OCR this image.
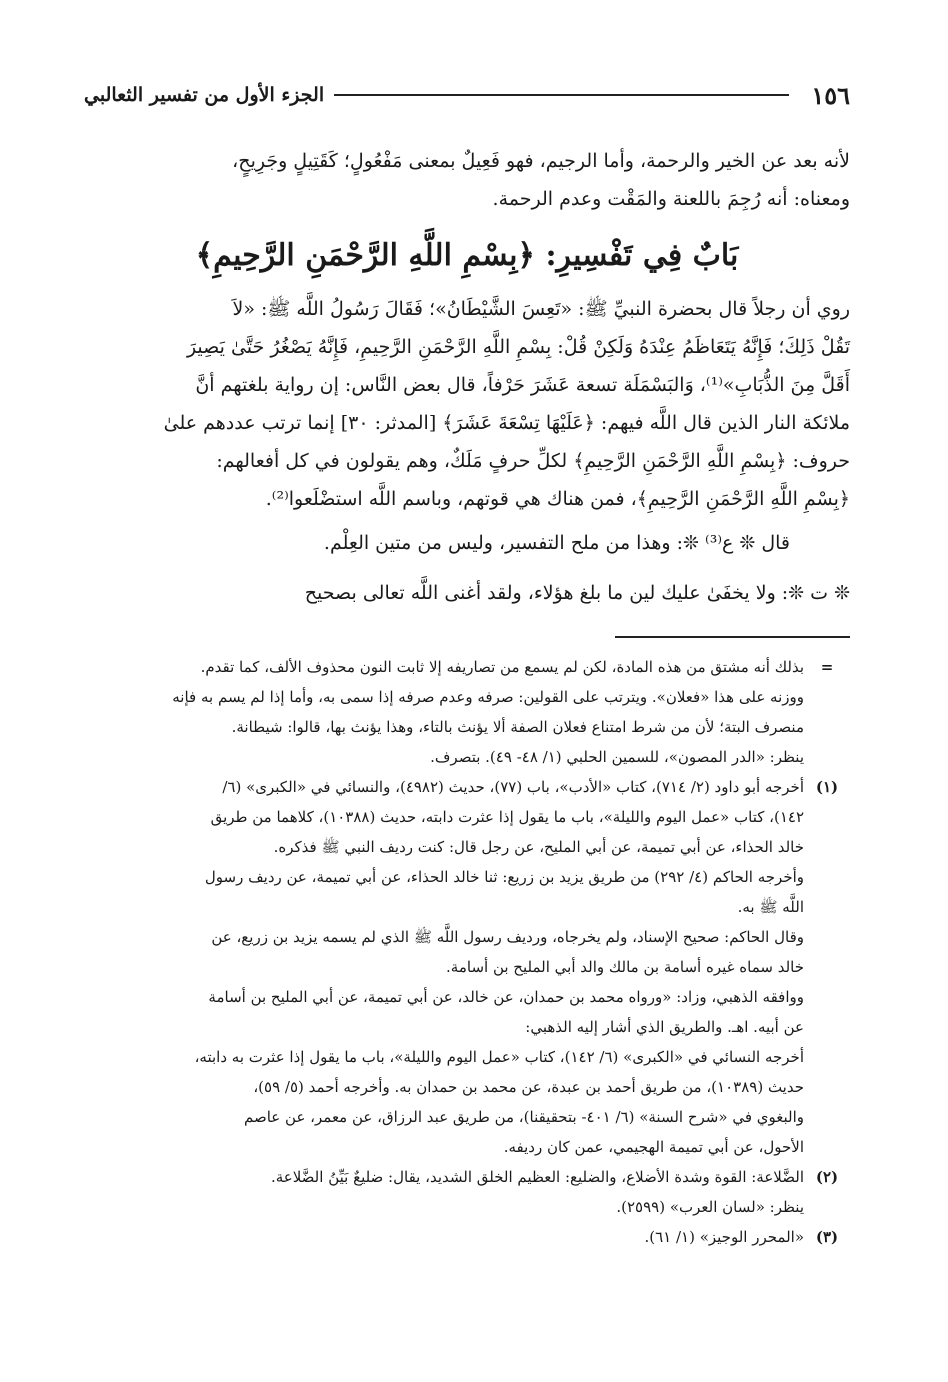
١٥٦
الجزء الأول من تفسير الثعالبي

لأنه بعد عن الخير والرحمة، وأما الرجيم، فهو فَعِيلٌ بمعنى مَفْعُولٍ؛ كَقَتِيلٍ وجَرِيحٍ،

ومعناه: أنه رُجِمَ باللعنة والمَقْت وعدم الرحمة.

بَابٌ فِي تَفْسِيرِ: ﴿بِسْمِ اللَّهِ الرَّحْمَنِ الرَّحِيمِ﴾

روي أن رجلاً قال بحضرة النبيِّ ﷺ: «تَعِسَ الشَّيْطَانُ»؛ فَقَالَ رَسُولُ اللَّه ﷺ: «لاَ

تَقُلْ ذَلِكَ؛ فَإِنَّهُ يَتَعَاظَمُ عِنْدَهُ وَلَكِنْ قُلْ: بِسْمِ اللَّهِ الرَّحْمَنِ الرَّحِيمِ، فَإِنَّهُ يَصْغُرُ حَتَّىٰ يَصِيرَ

أَقَلَّ مِنَ الذُّبَابِ»⁽¹⁾، وَالبَسْمَلَة تسعة عَشَرَ حَرْفاً، قال بعض النَّاس: إن رواية بلغتهم أنَّ

ملائكة النار الذين قال اللَّه فيهم: ﴿عَلَيْهَا تِسْعَةَ عَشَرَ﴾ [المدثر: ٣٠] إنما ترتب عددهم علىٰ

حروف: ﴿بِسْمِ اللَّهِ الرَّحْمَنِ الرَّحِيمِ﴾ لكلِّ حرفٍ مَلَكٌ، وهم يقولون في كل أفعالهم:

﴿بِسْمِ اللَّهِ الرَّحْمَنِ الرَّحِيمِ﴾، فمن هناك هي قوتهم، وباسم اللَّه استضْلَعوا⁽²⁾.

قال ❊ ع⁽³⁾ ❊: وهذا من ملح التفسير، وليس من متين العِلْم.

❊ ت ❊: ولا يخفَىٰ عليك لين ما بلغ هؤلاء، ولقد أغنى اللَّه تعالى بصحيح

=

بذلك أنه مشتق من هذه المادة، لكن لم يسمع من تصاريفه إلا ثابت النون محذوف الألف، كما تقدم.

ووزنه على هذا «فعلان». ويترتب على القولين: صرفه وعدم صرفه إذا سمى به، وأما إذا لم يسم به فإنه

منصرف البتة؛ لأن من شرط امتناع فعلان الصفة ألا يؤنث بالتاء، وهذا يؤنث بها، قالوا: شيطانة.

ينظر: «الدر المصون»، للسمين الحلبي (١/ ٤٨- ٤٩). بتصرف.

(١)

أخرجه أبو داود (٢/ ٧١٤)، كتاب «الأدب»، باب (٧٧)، حديث (٤٩٨٢)، والنسائي في «الكبرى» (٦/

١٤٢)، كتاب «عمل اليوم والليلة»، باب ما يقول إذا عثرت دابته، حديث (١٠٣٨٨)، كلاهما من طريق

خالد الحذاء، عن أبي تميمة، عن أبي المليح، عن رجل قال: كنت رديف النبي ﷺ فذكره.

وأخرجه الحاكم (٤/ ٢٩٢) من طريق يزيد بن زريع: ثنا خالد الحذاء، عن أبي تميمة، عن رديف رسول

اللَّه ﷺ به.

وقال الحاكم: صحيح الإسناد، ولم يخرجاه، ورديف رسول اللَّه ﷺ الذي لم يسمه يزيد بن زريع، عن

خالد سماه غيره أسامة بن مالك والد أبي المليح بن أسامة.

ووافقه الذهبي، وزاد: «ورواه محمد بن حمدان، عن خالد، عن أبي تميمة، عن أبي المليح بن أسامة

عن أبيه. اهـ. والطريق الذي أشار إليه الذهبي:

أخرجه النسائي في «الكبرى» (٦/ ١٤٢)، كتاب «عمل اليوم والليلة»، باب ما يقول إذا عثرت به دابته،

حديث (١٠٣٨٩)، من طريق أحمد بن عبدة، عن محمد بن حمدان به. وأخرجه أحمد (٥/ ٥٩)،

والبغوي في «شرح السنة» (٦/ ٤٠١- بتحقيقنا)، من طريق عبد الرزاق، عن معمر، عن عاصم

الأحول، عن أبي تميمة الهجيمي، عمن كان رديفه.

(٢)

الضَّلاعة: القوة وشدة الأضلاع، والضليع: العظيم الخلق الشديد، يقال: ضليعٌ بَيِّنُ الضَّلاعة.

ينظر: «لسان العرب» (٢٥٩٩).

(٣)

«المحرر الوجيز» (١/ ٦١).
